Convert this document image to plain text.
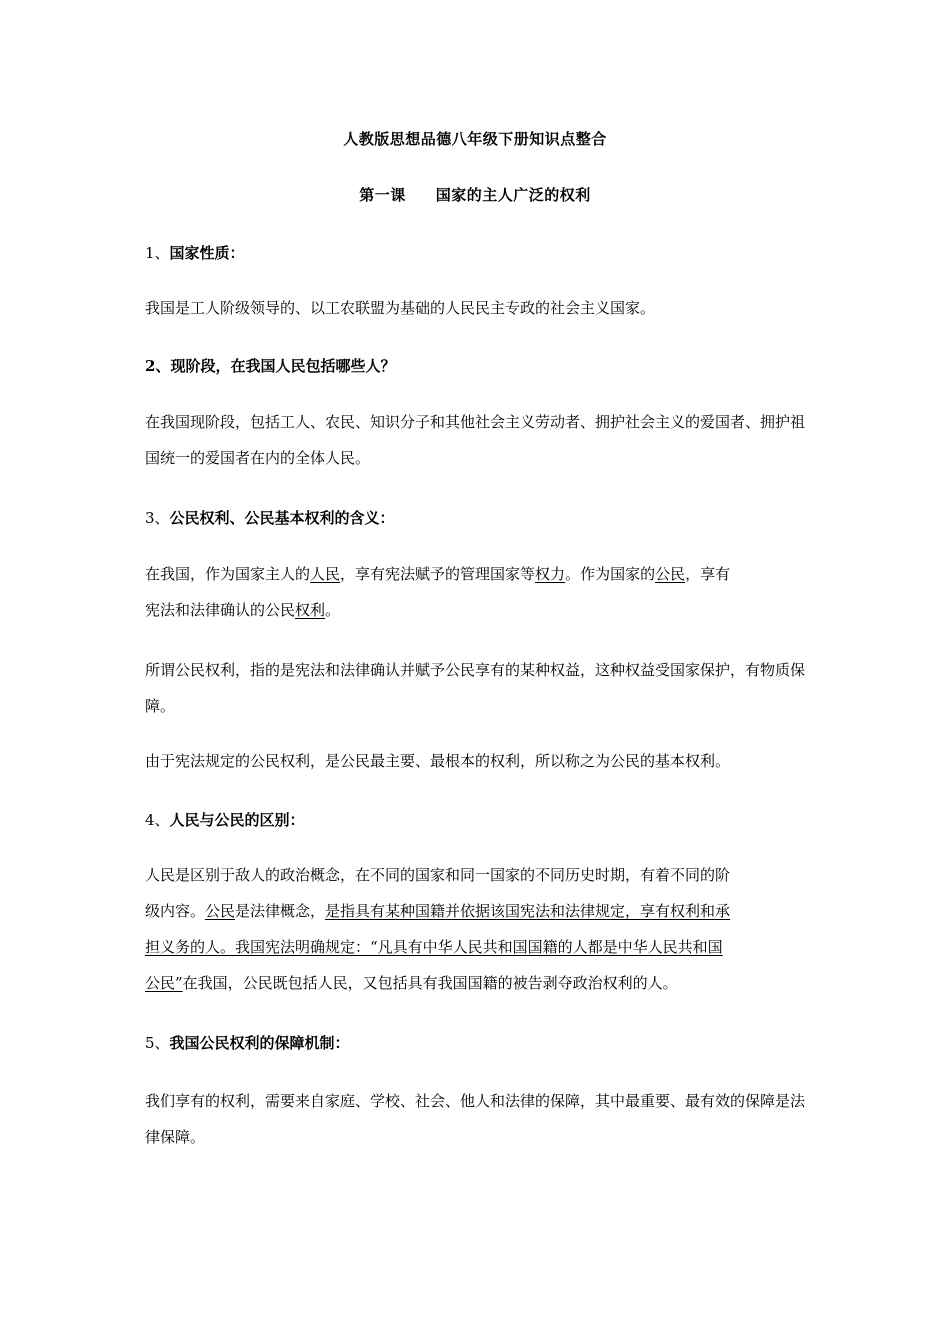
人教版思想品德八年级下册知识点整合
第一课 国家的主人广泛的权利
1、国家性质：
我国是工人阶级领导的、以工农联盟为基础的人民民主专政的社会主义国家。
2、现阶段，在我国人民包括哪些人？
在我国现阶段，包括工人、农民、知识分子和其他社会主义劳动者、拥护社会主义的爱国者、拥护祖国统一的爱国者在内的全体人民。
3、公民权利、公民基本权利的含义：
在我国，作为国家主人的人民，享有宪法赋予的管理国家等权力。作为国家的公民，享有
宪法和法律确认的公民权利。
所谓公民权利，指的是宪法和法律确认并赋予公民享有的某种权益，这种权益受国家保护，有物质保障。
由于宪法规定的公民权利，是公民最主要、最根本的权利，所以称之为公民的基本权利。
4、人民与公民的区别：
人民是区别于敌人的政治概念，在不同的国家和同一国家的不同历史时期，有着不同的阶
级内容。公民是法律概念，是指具有某种国籍并依据该国宪法和法律规定，享有权利和承
担义务的人。我国宪法明确规定：“凡具有中华人民共和国国籍的人都是中华人民共和国
公民”在我国，公民既包括人民，又包括具有我国国籍的被告剥夺政治权利的人。
5、我国公民权利的保障机制：
我们享有的权利，需要来自家庭、学校、社会、他人和法律的保障，其中最重要、最有效的保障是法律保障。
